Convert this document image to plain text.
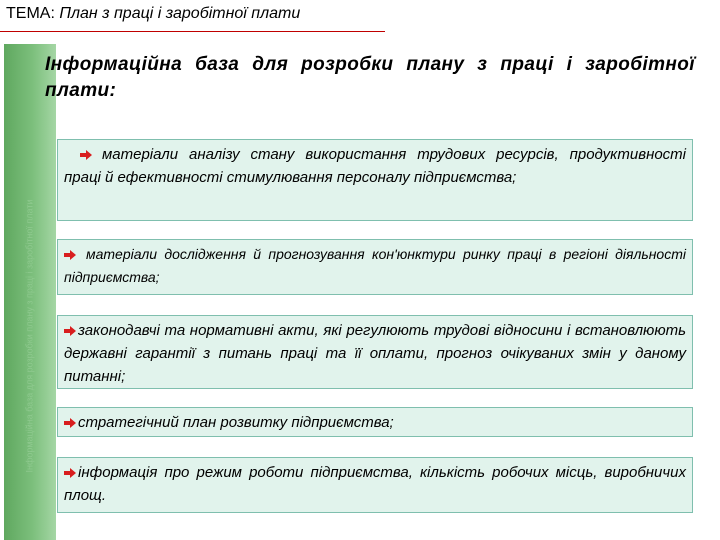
ТЕМА: План з праці і заробітної плати
Інформаційна база для розробки плану з праці і заробітної плати
Інформаційна база для розробки плану з праці і заробітної плати:
матеріали аналізу стану використання трудових ресурсів, продуктивності праці й ефективності стимулювання персоналу підприємства;
матеріали дослідження й прогнозування кон'юнктури ринку праці в регіоні діяльності підприємства;
законодавчі та нормативні акти, які регулюють трудові відносини і встановлюють державні гарантії з питань праці та її оплати, прогноз очікуваних змін у даному питанні;
стратегічний план розвитку підприємства;
інформація про режим роботи підприємства, кількість робочих місць, виробничих площ.
